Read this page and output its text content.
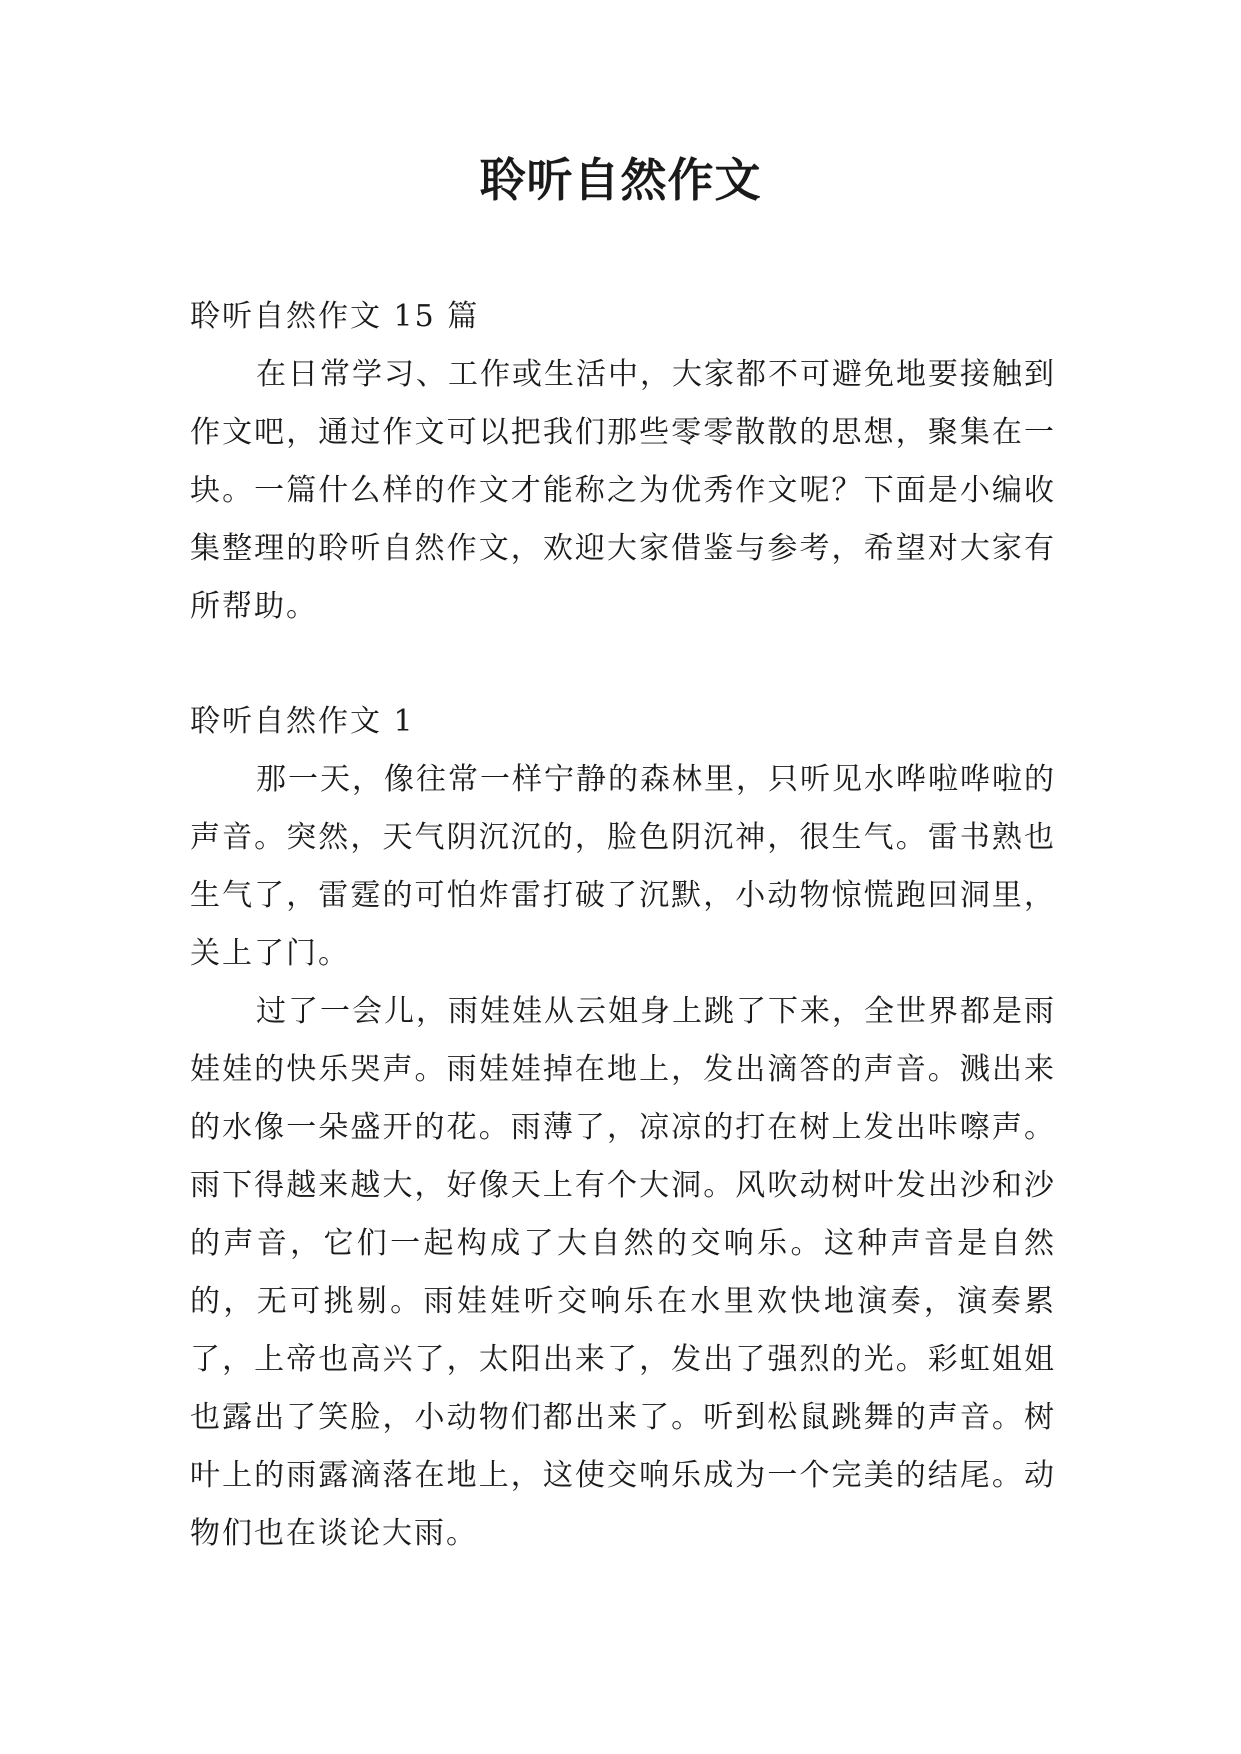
聆听自然作文
聆听自然作文 15 篇

在日常学习、工作或生活中，大家都不可避免地要接触到作文吧，通过作文可以把我们那些零零散散的思想，聚集在一块。一篇什么样的作文才能称之为优秀作文呢？下面是小编收集整理的聆听自然作文，欢迎大家借鉴与参考，希望对大家有所帮助。

聆听自然作文 1

那一天，像往常一样宁静的森林里，只听见水哗啦哗啦的声音。突然，天气阴沉沉的，脸色阴沉神，很生气。雷书熟也生气了，雷霆的可怕炸雷打破了沉默，小动物惊慌跑回洞里，关上了门。

过了一会儿，雨娃娃从云姐身上跳了下来，全世界都是雨娃娃的快乐哭声。雨娃娃掉在地上，发出滴答的声音。溅出来的水像一朵盛开的花。雨薄了，凉凉的打在树上发出咔嚓声。雨下得越来越大，好像天上有个大洞。风吹动树叶发出沙和沙的声音，它们一起构成了大自然的交响乐。这种声音是自然的，无可挑剔。雨娃娃听交响乐在水里欢快地演奏，演奏累了，上帝也高兴了，太阳出来了，发出了强烈的光。彩虹姐姐也露出了笑脸，小动物们都出来了。听到松鼠跳舞的声音。树叶上的雨露滴落在地上，这使交响乐成为一个完美的结尾。动物们也在谈论大雨。
